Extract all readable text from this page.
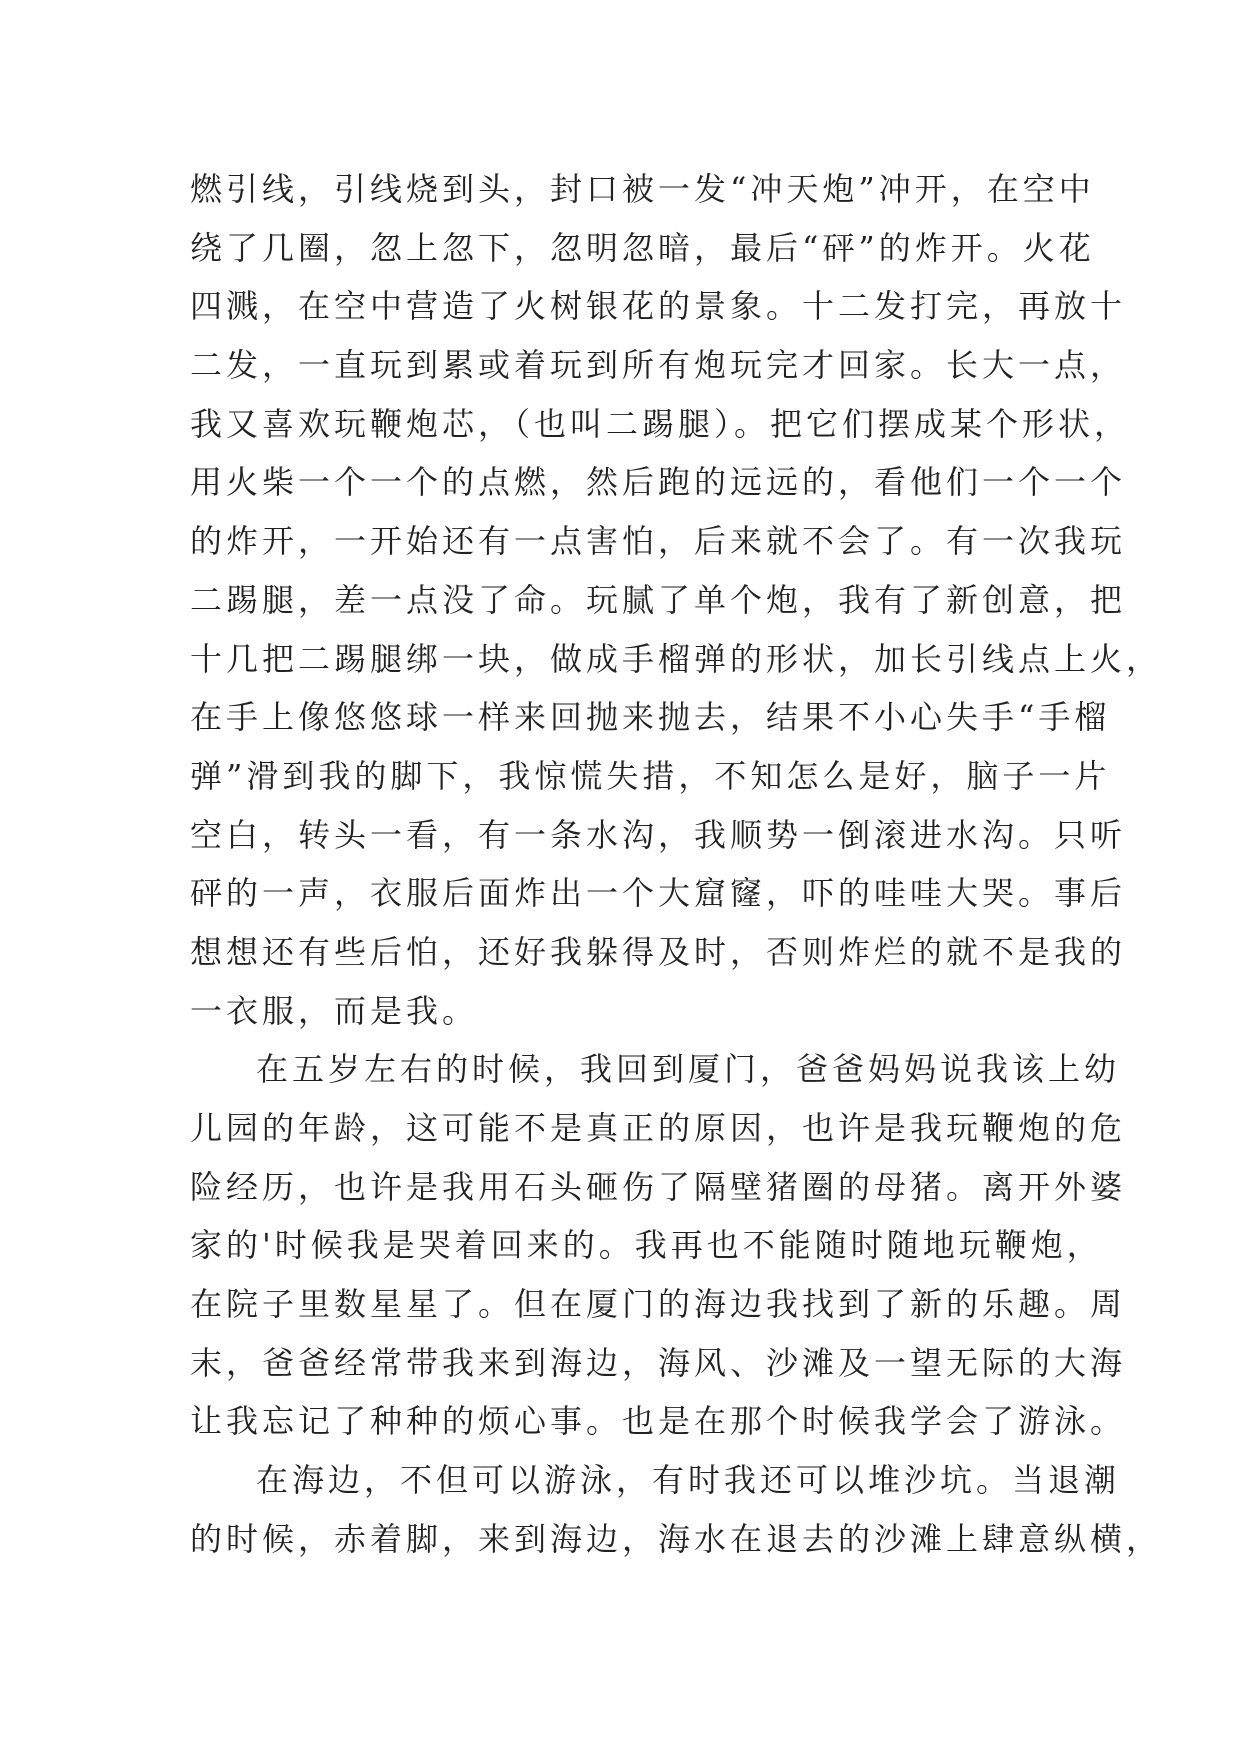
燃引线，引线烧到头，封口被一发“冲天炮”冲开，在空中
绕了几圈，忽上忽下，忽明忽暗，最后“砰”的炸开。火花
四溅，在空中营造了火树银花的景象。十二发打完，再放十
二发，一直玩到累或着玩到所有炮玩完才回家。长大一点，
我又喜欢玩鞭炮芯，（也叫二踢腿）。把它们摆成某个形状，
用火柴一个一个的点燃，然后跑的远远的，看他们一个一个
的炸开，一开始还有一点害怕，后来就不会了。有一次我玩
二踢腿，差一点没了命。玩腻了单个炮，我有了新创意，把
十几把二踢腿绑一块，做成手榴弹的形状，加长引线点上火，
在手上像悠悠球一样来回抛来抛去，结果不小心失手“手榴
弹”滑到我的脚下，我惊慌失措，不知怎么是好，脑子一片
空白，转头一看，有一条水沟，我顺势一倒滚进水沟。只听
砰的一声，衣服后面炸出一个大窟窿，吓的哇哇大哭。事后
想想还有些后怕，还好我躲得及时，否则炸烂的就不是我的
一衣服，而是我。
在五岁左右的时候，我回到厦门，爸爸妈妈说我该上幼
儿园的年龄，这可能不是真正的原因，也许是我玩鞭炮的危
险经历，也许是我用石头砸伤了隔壁猪圈的母猪。离开外婆
家的'时候我是哭着回来的。我再也不能随时随地玩鞭炮，
在院子里数星星了。但在厦门的海边我找到了新的乐趣。周
末，爸爸经常带我来到海边，海风、沙滩及一望无际的大海
让我忘记了种种的烦心事。也是在那个时候我学会了游泳。
在海边，不但可以游泳，有时我还可以堆沙坑。当退潮
的时候，赤着脚，来到海边，海水在退去的沙滩上肆意纵横，
